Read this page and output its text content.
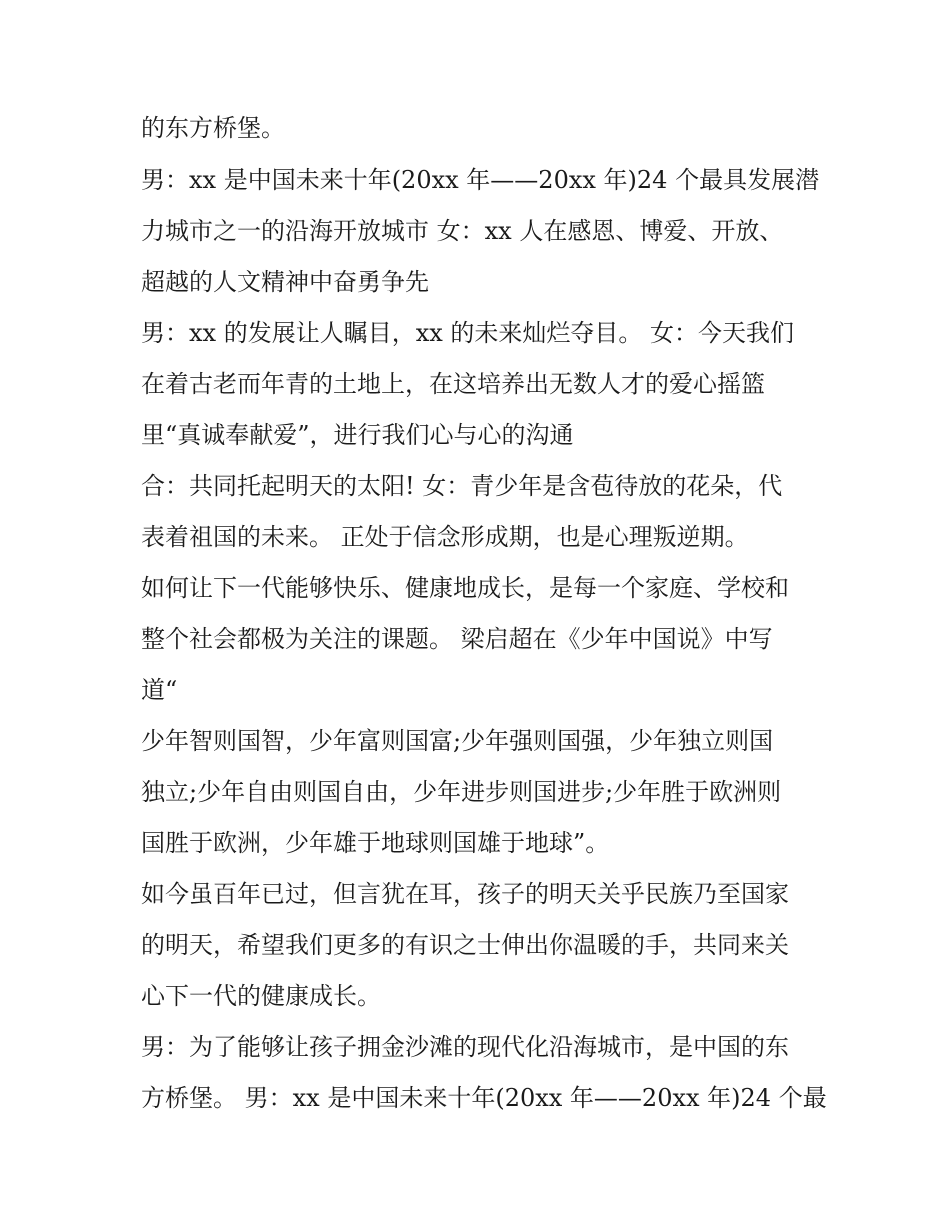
的东方桥堡。
男：xx 是中国未来十年(20xx 年——20xx 年)24 个最具发展潜
力城市之一的沿海开放城市 女：xx 人在感恩、博爱、开放、
超越的人文精神中奋勇争先
男：xx 的发展让人瞩目，xx 的未来灿烂夺目。 女：今天我们
在着古老而年青的土地上，在这培养出无数人才的爱心摇篮
里“真诚奉献爱”，进行我们心与心的沟通
合：共同托起明天的太阳! 女：青少年是含苞待放的花朵，代
表着祖国的未来。 正处于信念形成期，也是心理叛逆期。
如何让下一代能够快乐、健康地成长，是每一个家庭、学校和
整个社会都极为关注的课题。 梁启超在《少年中国说》中写
道“
少年智则国智，少年富则国富;少年强则国强，少年独立则国
独立;少年自由则国自由，少年进步则国进步;少年胜于欧洲则
国胜于欧洲，少年雄于地球则国雄于地球”。
如今虽百年已过，但言犹在耳，孩子的明天关乎民族乃至国家
的明天，希望我们更多的有识之士伸出你温暖的手，共同来关
心下一代的健康成长。
男：为了能够让孩子拥金沙滩的现代化沿海城市，是中国的东
方桥堡。 男：xx 是中国未来十年(20xx 年——20xx 年)24 个最
